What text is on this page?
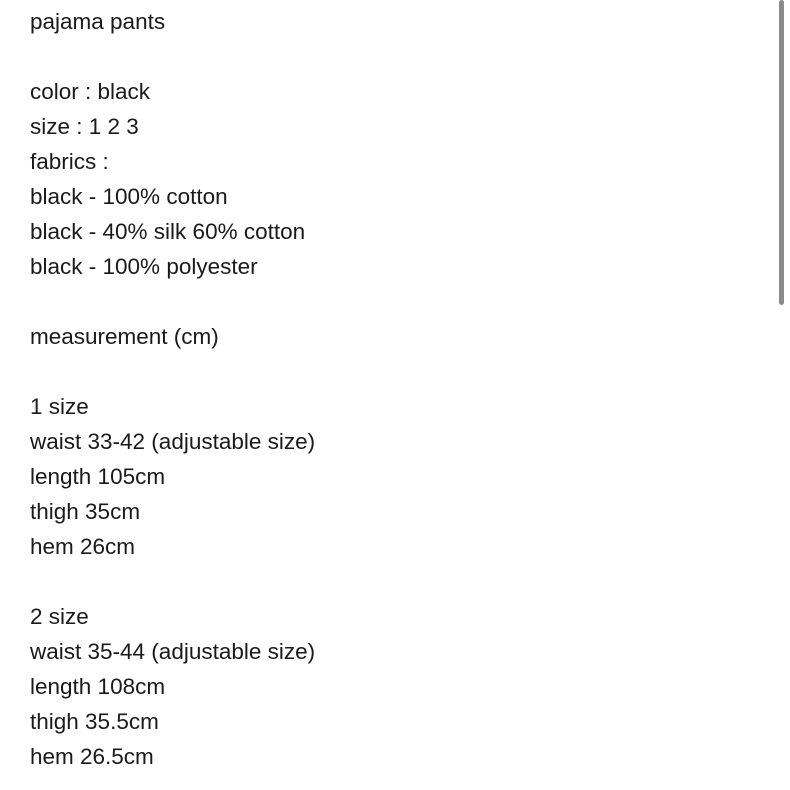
pajama pants
color : black
size : 1 2 3
fabrics :
black - 100% cotton
black - 40% silk 60% cotton
black - 100% polyester
measurement (cm)
1 size
waist 33-42 (adjustable size)
length 105cm
thigh 35cm
hem 26cm
2 size
waist 35-44 (adjustable size)
length 108cm
thigh 35.5cm
hem 26.5cm
